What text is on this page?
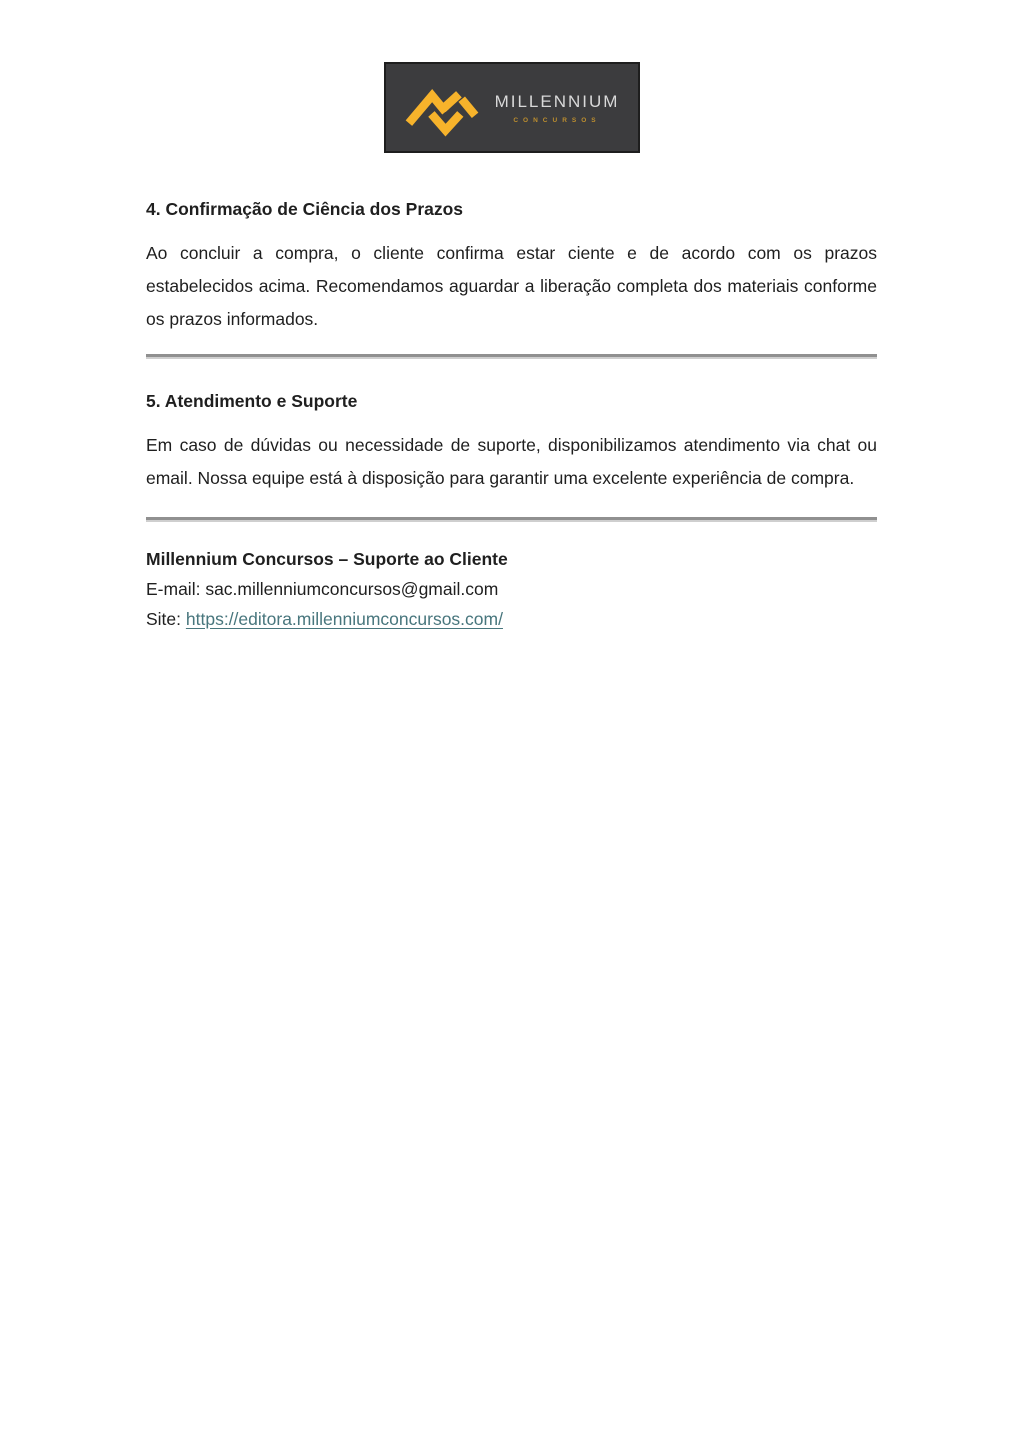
MILLENNIUM
CONCURSOS
4. Confirmação de Ciência dos Prazos

Ao concluir a compra, o cliente confirma estar ciente e de acordo com os prazos estabelecidos acima. Recomendamos aguardar a liberação completa dos materiais conforme os prazos informados.

5. Atendimento e Suporte

Em caso de dúvidas ou necessidade de suporte, disponibilizamos atendimento via chat ou email. Nossa equipe está à disposição para garantir uma excelente experiência de compra.

Millennium Concursos – Suporte ao Cliente
E-mail: sac.millenniumconcursos@gmail.com
Site: https://editora.millenniumconcursos.com/
